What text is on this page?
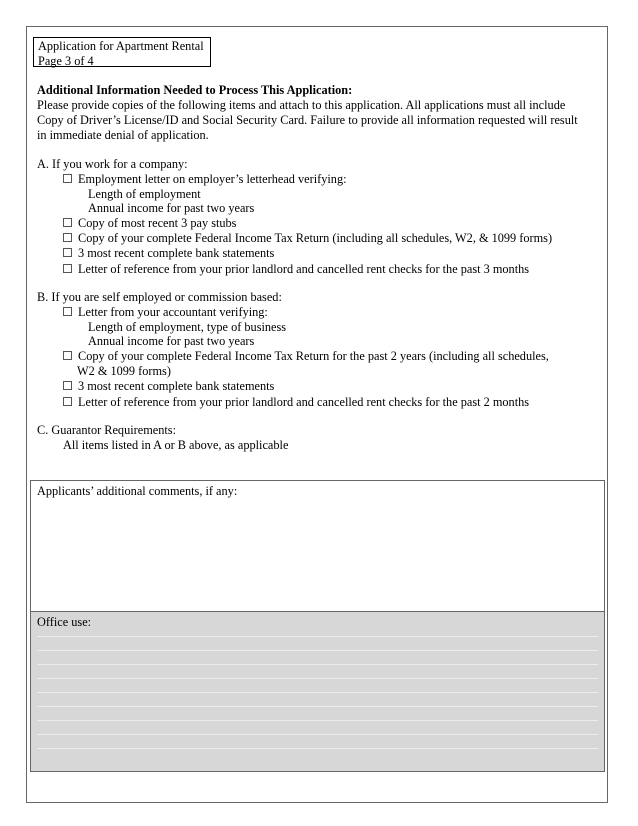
Application for Apartment Rental
Page 3 of 4
Additional Information Needed to Process This Application:
Please provide copies of the following items and attach to this application. All applications must all include
Copy of Driver’s License/ID and Social Security Card. Failure to provide all information requested will result
in immediate denial of application.
A. If you work for a company:
Employment letter on employer’s letterhead verifying:
Length of employment
Annual income for past two years
Copy of most recent 3 pay stubs
Copy of your complete Federal Income Tax Return (including all schedules, W2, & 1099 forms)
3 most recent complete bank statements
Letter of reference from your prior landlord and cancelled rent checks for the past 3 months
B. If you are self employed or commission based:
Letter from your accountant verifying:
Length of employment, type of business
Annual income for past two years
Copy of your complete Federal Income Tax Return for the past 2 years (including all schedules,
W2 & 1099 forms)
3 most recent complete bank statements
Letter of reference from your prior landlord and cancelled rent checks for the past 2 months
C. Guarantor Requirements:
All items listed in A or B above, as applicable
Applicants’ additional comments, if any:
Office use:
